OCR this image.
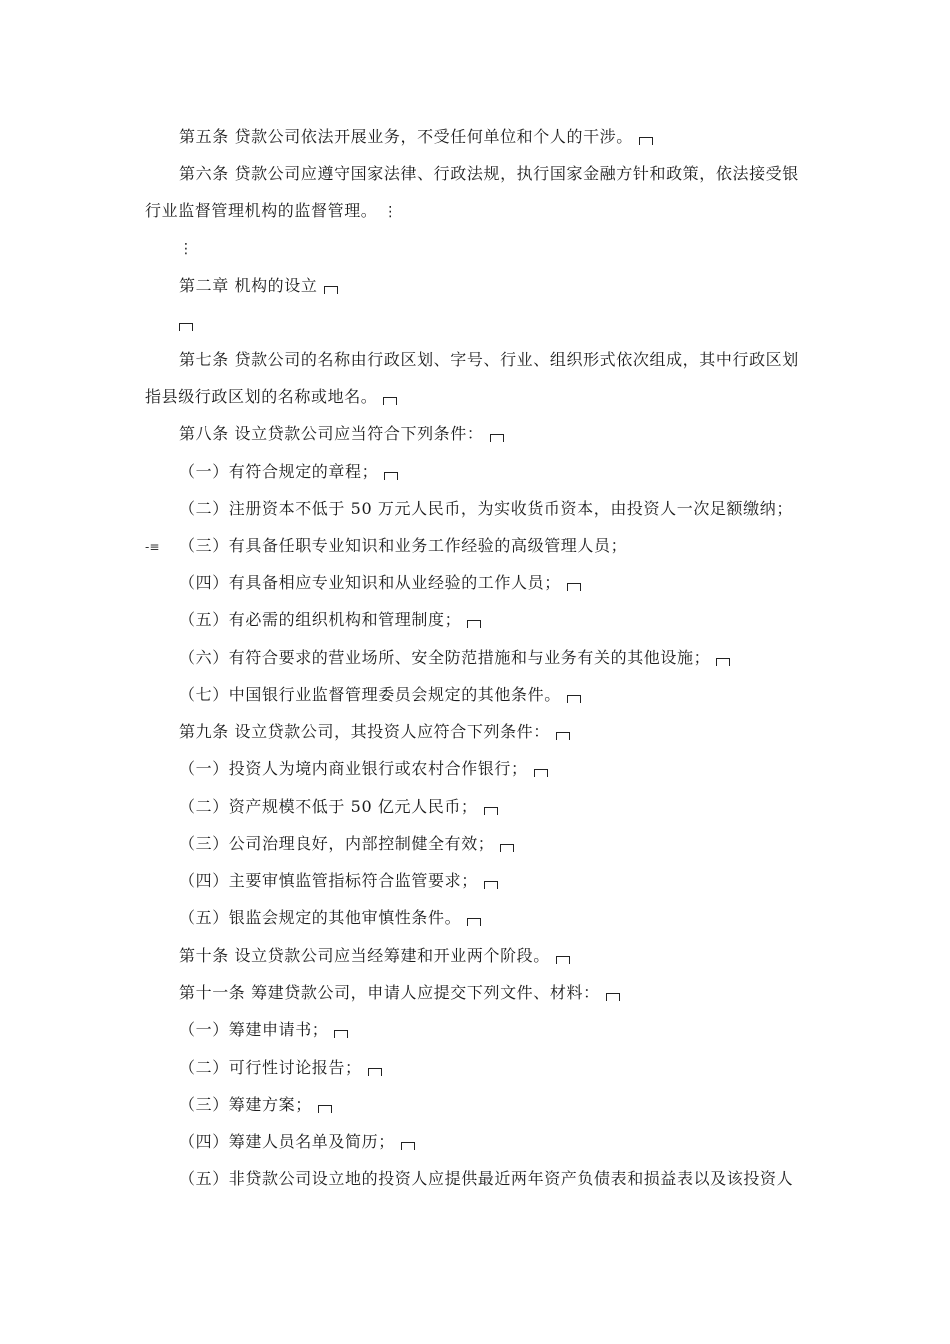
第五条 贷款公司依法开展业务，不受任何单位和个人的干涉。
第六条 贷款公司应遵守国家法律、行政法规，执行国家金融方针和政策，依法接受银
行业监督管理机构的监督管理。 ⋮
⋮
第二章 机构的设立
第七条 贷款公司的名称由行政区划、字号、行业、组织形式依次组成，其中行政区划
指县级行政区划的名称或地名。
第八条 设立贷款公司应当符合下列条件：
（一）有符合规定的章程；
（二）注册资本不低于 50 万元人民币，为实收货币资本，由投资人一次足额缴纳；
-≡ （三）有具备任职专业知识和业务工作经验的高级管理人员；
（四）有具备相应专业知识和从业经验的工作人员；
（五）有必需的组织机构和管理制度；
（六）有符合要求的营业场所、安全防范措施和与业务有关的其他设施；
（七）中国银行业监督管理委员会规定的其他条件。
第九条 设立贷款公司，其投资人应符合下列条件：
（一）投资人为境内商业银行或农村合作银行；
（二）资产规模不低于 50 亿元人民币；
（三）公司治理良好，内部控制健全有效；
（四）主要审慎监管指标符合监管要求；
（五）银监会规定的其他审慎性条件。
第十条 设立贷款公司应当经筹建和开业两个阶段。
第十一条 筹建贷款公司，申请人应提交下列文件、材料：
（一）筹建申请书；
（二）可行性讨论报告；
（三）筹建方案；
（四）筹建人员名单及简历；
（五）非贷款公司设立地的投资人应提供最近两年资产负债表和损益表以及该投资人
